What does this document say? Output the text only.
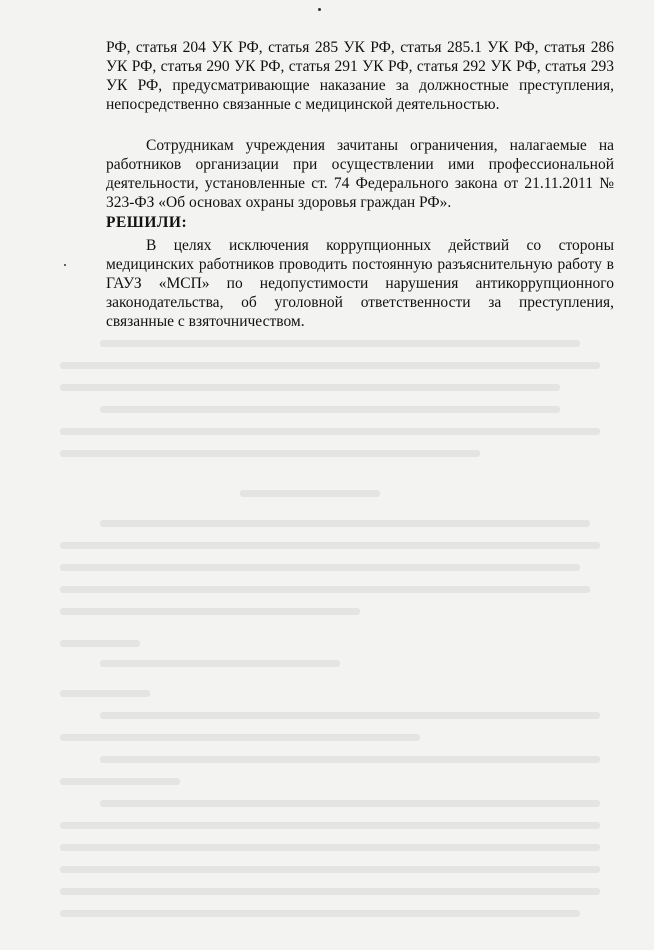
РФ, статья 204 УК РФ, статья 285 УК РФ, статья 285.1 УК РФ, статья 286 УК РФ, статья 290 УК РФ, статья 291 УК РФ, статья 292 УК РФ, статья 293 УК РФ, предусматривающие наказание за должностные преступления, непосредственно связанные с медицинской деятельностью.

Сотрудникам учреждения зачитаны ограничения, налагаемые на работников организации при осуществлении ими профессиональной деятельности, установленные ст. 74 Федерального закона от 21.11.2011 № 323-ФЗ «Об основах охраны здоровья граждан РФ».

РЕШИЛИ:

В целях исключения коррупционных действий со стороны медицинских работников проводить постоянную разъяснительную работу в ГАУЗ «МСП» по недопустимости нарушения антикоррупционного законодательства, об уголовной ответственности за преступления, связанные с взяточничеством.
